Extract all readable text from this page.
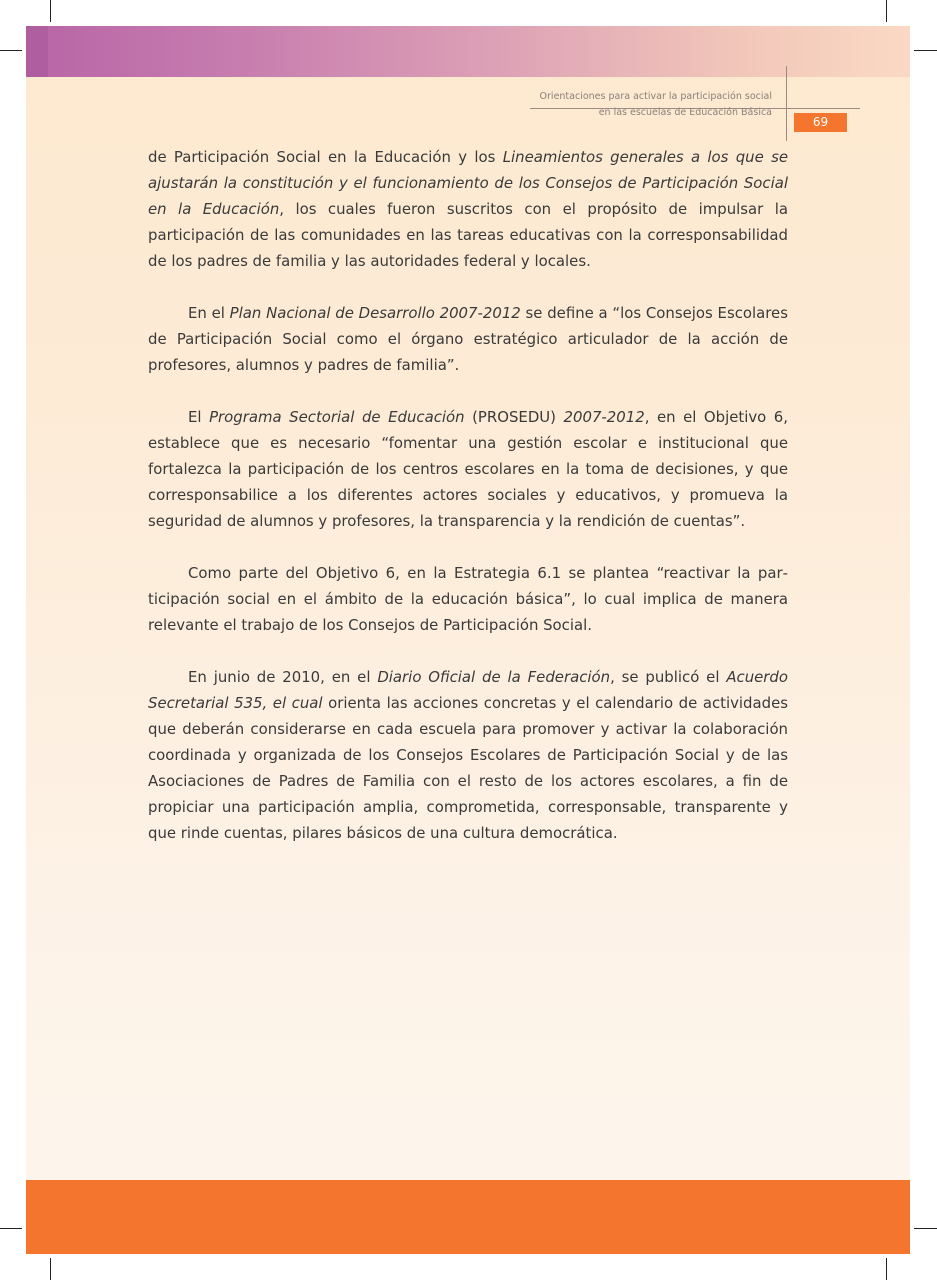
Orientaciones para activar la participación social
en las escuelas de Educación Básica
69

de Participación Social en la Educación y los Lineamientos generales a los que se ajustarán la constitución y el funcionamiento de los Consejos de Participación Social en la Educación, los cuales fueron suscritos con el propósito de impulsar la participación de las comunidades en las tareas educativas con la corresponsabilidad de los padres de familia y las autoridades federal y locales.

En el Plan Nacional de Desarrollo 2007-2012 se define a “los Consejos Escolares de Participación Social como el órgano estratégico articulador de la acción de profesores, alumnos y padres de familia”.

El Programa Sectorial de Educación (PROSEDU) 2007-2012, en el Objetivo 6, establece que es necesario “fomentar una gestión escolar e institucional que fortalezca la participación de los centros escolares en la toma de decisiones, y que corresponsabilice a los diferentes actores sociales y educativos, y promueva la seguridad de alumnos y profesores, la transparencia y la rendición de cuentas”.

Como parte del Objetivo 6, en la Estrategia 6.1 se plantea “reactivar la participación social en el ámbito de la educación básica”, lo cual implica de manera relevante el trabajo de los Consejos de Participación Social.

En junio de 2010, en el Diario Oficial de la Federación, se publicó el Acuerdo Secretarial 535, el cual orienta las acciones concretas y el calendario de actividades que deberán considerarse en cada escuela para promover y activar la colaboración coordinada y organizada de los Consejos Escolares de Participación Social y de las Asociaciones de Padres de Familia con el resto de los actores escolares, a fin de propiciar una participación amplia, comprometida, corresponsable, transparente y que rinde cuentas, pilares básicos de una cultura democrática.
